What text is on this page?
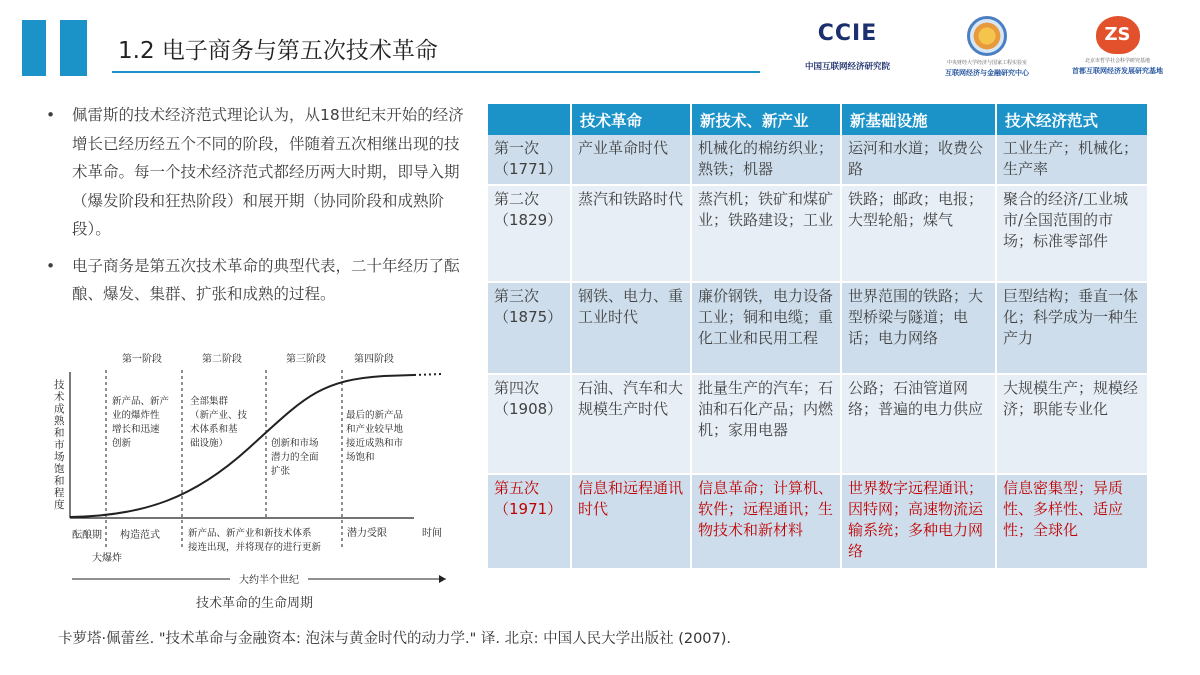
1.2 电子商务与第五次技术革命
CCIE
中国互联网经济研究院	中央财经大学经济与国家工程实验室
互联网经济与金融研究中心
ZS
北京市哲学社会科学研究基地
首都互联网经济发展研究基地
• 佩雷斯的技术经济范式理论认为，从18世纪末开始的经济增长已经历经五个不同的阶段，伴随着五次相继出现的技术革命。每一个技术经济范式都经历两大时期，即导入期（爆发阶段和狂热阶段）和展开期（协同阶段和成熟阶段）。
• 电子商务是第五次技术革命的典型代表，二十年经历了酝酿、爆发、集群、扩张和成熟的过程。
第一阶段	第二阶段	第三阶段	第四阶段
技 术 成 熟 和 市 场 饱 和 程 度
新产品、新产 业的爆炸性 增长和迅速 创新
全部集群 （新产业、技 术体系和基 础设施）	创新和市场 潜力的全面 扩张
最后的新产品 和产业较早地 接近成熟和市 场饱和
酝酿期
大爆炸
构造范式	新产品、新产业和新技术体系 接连出现，并将现存的进行更新
潜力受限	时间
大约半个世纪
技术革命的生命周期
	技术革命	新技术、新产业	新基础设施	技术经济范式
第一次（1771）	产业革命时代	机械化的棉纺织业；熟铁；机器	运河和水道；收费公路	工业生产；机械化；生产率
第二次（1829）	蒸汽和铁路时代	蒸汽机；铁矿和煤矿业；铁路建设；工业	铁路；邮政；电报；大型轮船；煤气	聚合的经济/工业城市/全国范围的市场；标准零部件
第三次（1875）	钢铁、电力、重工业时代	廉价钢铁，电力设备工业；铜和电缆；重化工业和民用工程	世界范围的铁路；大型桥梁与隧道；电话；电力网络	巨型结构；垂直一体化；科学成为一种生产力
第四次（1908）	石油、汽车和大规模生产时代	批量生产的汽车；石油和石化产品；内燃机；家用电器	公路；石油管道网络；普遍的电力供应	大规模生产；规模经济；职能专业化
第五次（1971）	信息和远程通讯时代	信息革命；计算机、软件；远程通讯；生物技术和新材料	世界数字远程通讯；因特网；高速物流运输系统；多种电力网络	信息密集型；异质性、多样性、适应性；全球化
卡萝塔·佩蕾丝. "技术革命与金融资本: 泡沫与黄金时代的动力学." 译. 北京: 中国人民大学出版社 (2007).
